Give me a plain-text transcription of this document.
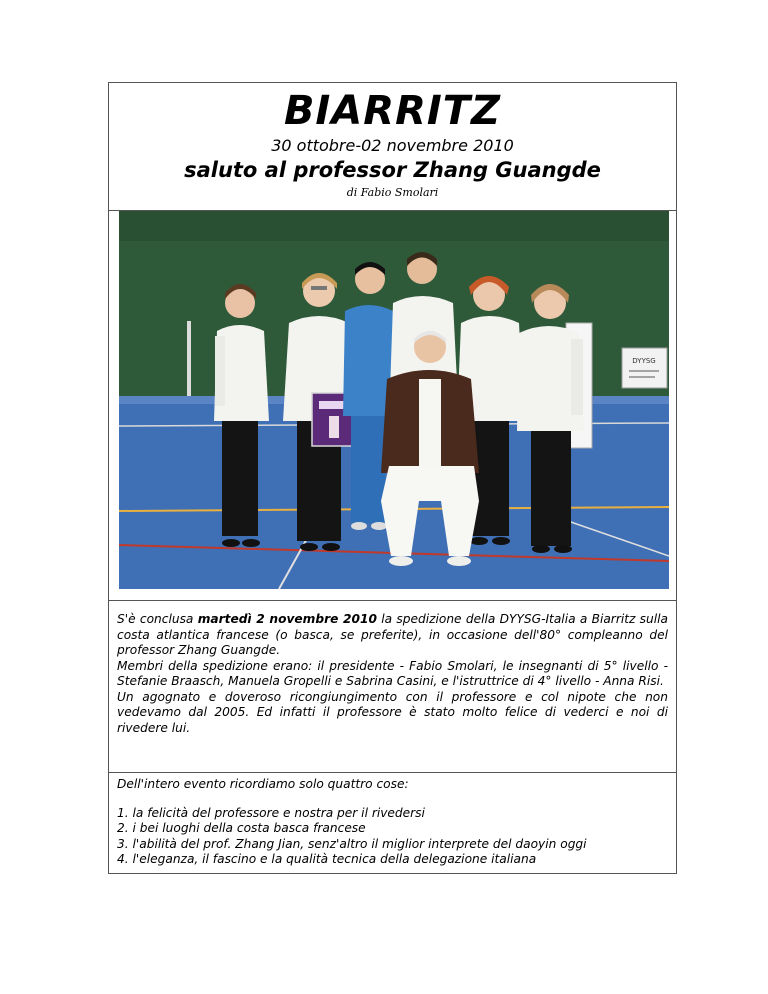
BIARRITZ
30 ottobre-02 novembre 2010
saluto al professor Zhang Guangde
di Fabio Smolari
DYYSG

S'è conclusa martedì 2 novembre 2010 la spedizione della DYYSG-Italia a Biarritz sulla costa atlantica francese (o basca, se preferite), in occasione dell'80° compleanno del professor Zhang Guangde.
Membri della spedizione erano: il presidente - Fabio Smolari, le insegnanti di 5° livello - Stefanie Braasch, Manuela Gropelli e Sabrina Casini, e l'istruttrice di 4° livello - Anna Risi.
Un agognato e doveroso ricongiungimento con il professore e col nipote che non vedevamo dal 2005. Ed infatti il professore è stato molto felice di vederci e noi di rivedere lui.

Dell'intero evento ricordiamo solo quattro cose:
1. la felicità del professore e nostra per il rivedersi
2. i bei luoghi della costa basca francese
3. l'abilità del prof. Zhang Jian, senz'altro il miglior interprete del daoyin oggi
4. l'eleganza, il fascino e la qualità tecnica della delegazione italiana
